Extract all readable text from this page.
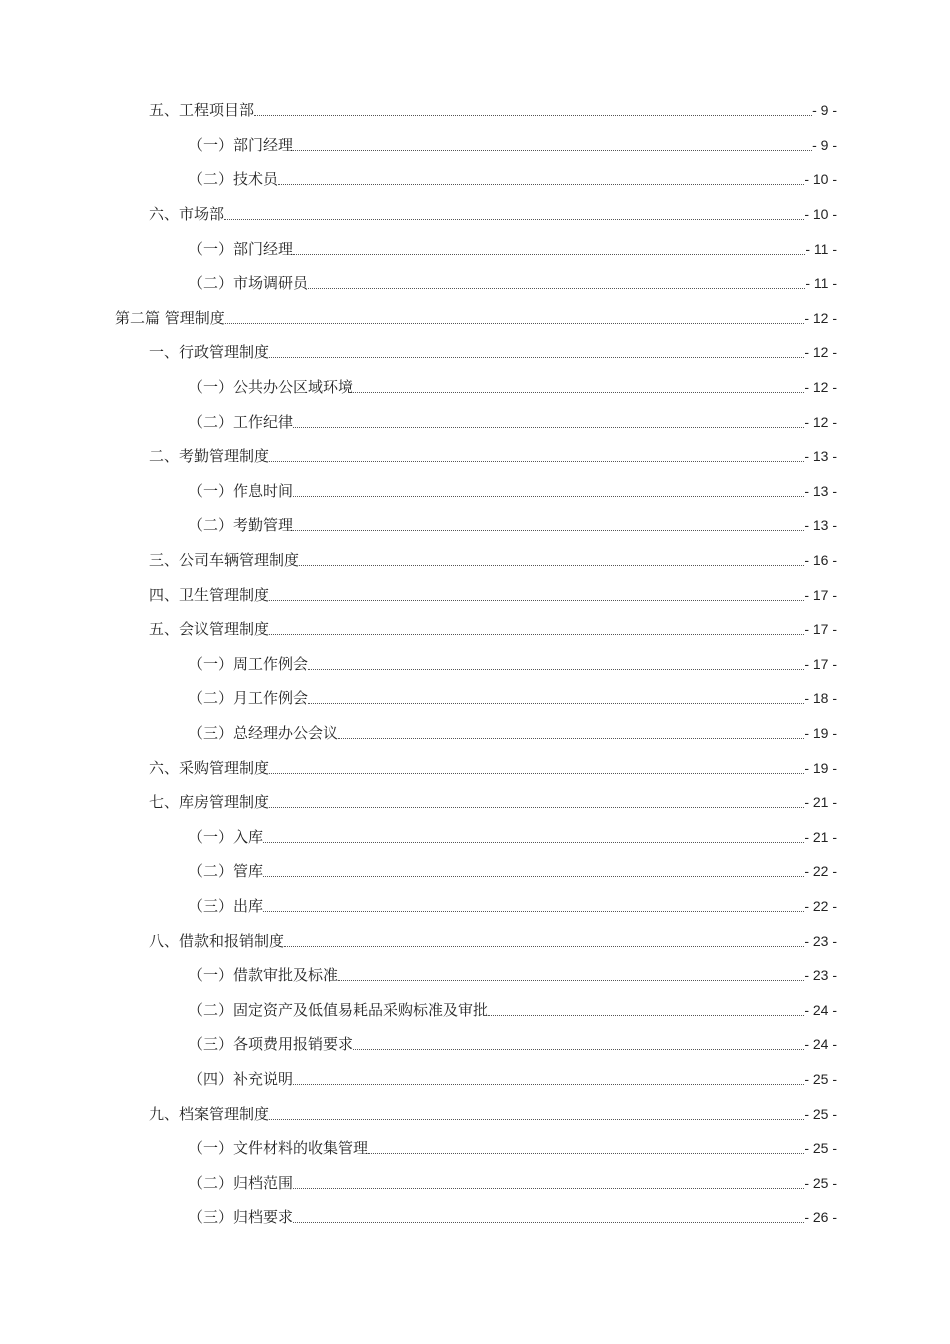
五、工程项目部	- 9 -
（一）部门经理	- 9 -
（二）技术员	- 10 -
六、市场部	- 10 -
（一）部门经理	- 11 -
（二）市场调研员	- 11 -
第二篇 管理制度	- 12 -
一、行政管理制度	- 12 -
（一）公共办公区域环境	- 12 -
（二）工作纪律	- 12 -
二、考勤管理制度	- 13 -
（一）作息时间	- 13 -
（二）考勤管理	- 13 -
三、公司车辆管理制度	- 16 -
四、卫生管理制度	- 17 -
五、会议管理制度	- 17 -
（一）周工作例会	- 17 -
（二）月工作例会	- 18 -
（三）总经理办公会议	- 19 -
六、采购管理制度	- 19 -
七、库房管理制度	- 21 -
（一）入库	- 21 -
（二）管库	- 22 -
（三）出库	- 22 -
八、借款和报销制度	- 23 -
（一）借款审批及标准	- 23 -
（二）固定资产及低值易耗品采购标准及审批	- 24 -
（三）各项费用报销要求	- 24 -
（四）补充说明	- 25 -
九、档案管理制度	- 25 -
（一）文件材料的收集管理	- 25 -
（二）归档范围	- 25 -
（三）归档要求	- 26 -
